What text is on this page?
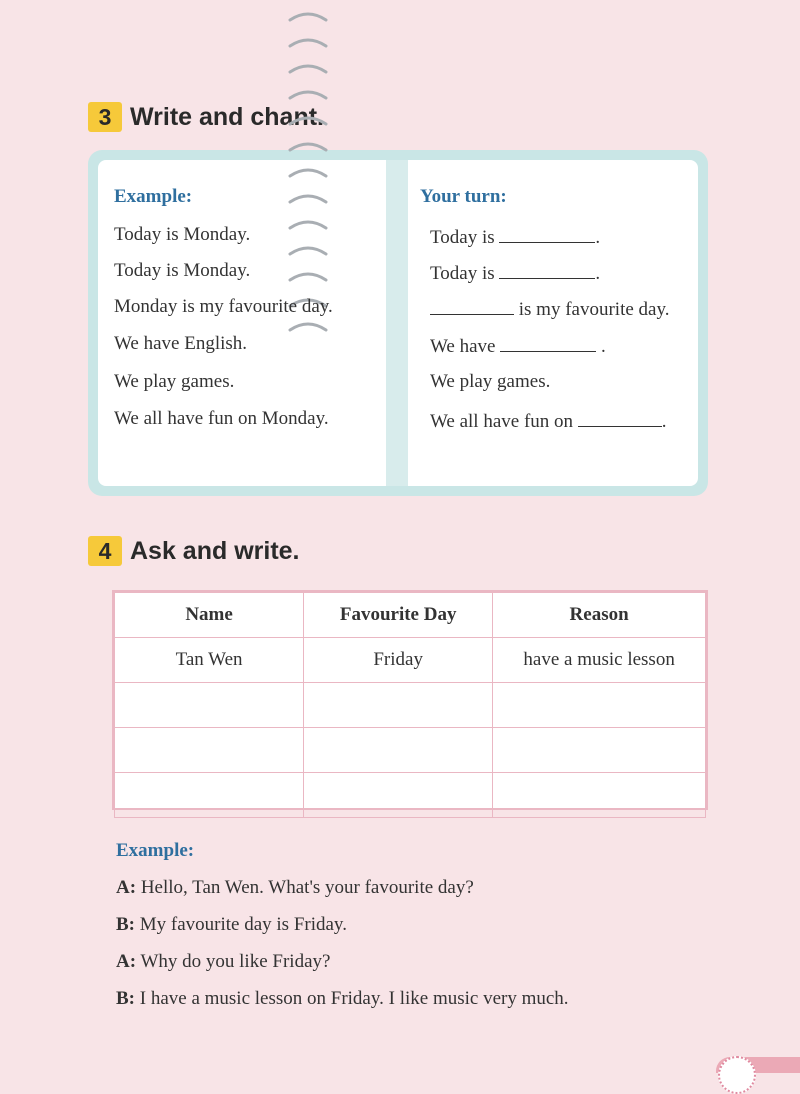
3 Write and chant.
Example:	Your turn:
Today is Monday.
Today is Monday.
Monday is my favourite day.
We have English.
We play games.
We all have fun on Monday.
Today is	.
Today is	.
is my favourite day.
We have	.
We play games.
We all have fun on	.
4 Ask and write.
Name	Favourite Day	Reason
Tan Wen	Friday	have a music lesson

Example:
A: Hello, Tan Wen. What's your favourite day?
B: My favourite day is Friday.
A: Why do you like Friday?
B: I have a music lesson on Friday. I like music very much.
